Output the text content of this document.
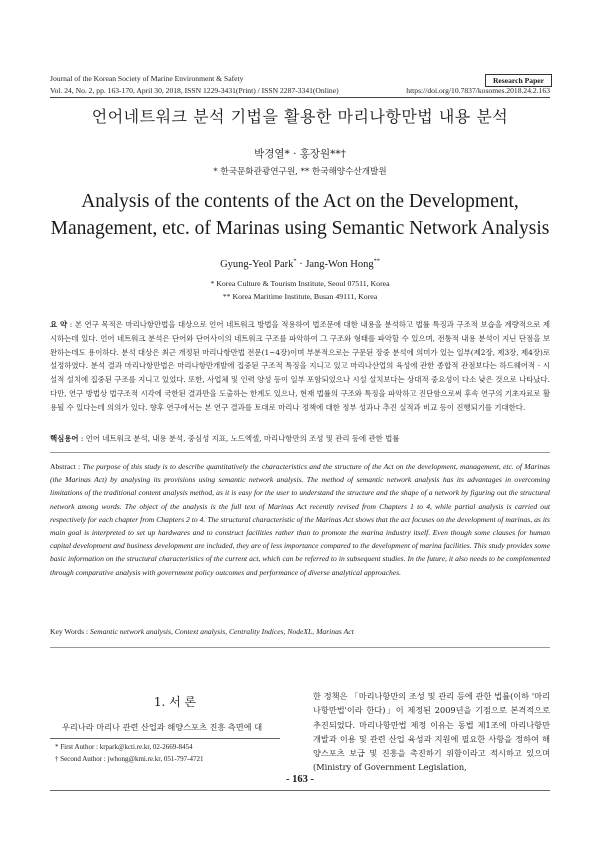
Journal of the Korean Society of Marine Environment & Safety	Research Paper
Vol. 24, No. 2, pp. 163-170, April 30, 2018, ISSN 1229-3431(Print) / ISSN 2287-3341(Online)	https://doi.org/10.7837/kosomes.2018.24.2.163
언어네트워크 분석 기법을 활용한 마리나항만법 내용 분석
박경열* · 홍장원**†
* 한국문화관광연구원, ** 한국해양수산개발원
Analysis of the contents of the Act on the Development, Management, etc. of Marinas using Semantic Network Analysis
Gyung-Yeol Park* · Jang-Won Hong**
* Korea Culture & Tourism Institute, Seoul 07511, Korea
** Korea Maritime Institute, Busan 49111, Korea
요 약 : 본 연구 목적은 마리나항만법을 대상으로 언어 네트워크 방법을 적용하여 법조문에 대한 내용을 분석하고 법률 특징과 구조적 보습을 계량적으로 제시하는데 있다. 언어 네트워크 분석은 단어와 단어사이의 네트워크 구조를 파악하여 그 구조와 형태를 파악할 수 있으며, 전통적 내용 분석이 지닌 단점을 보완하는데도 용이하다. 분석 대상은 최근 개정된 마리나항만법 전문(1~4장)이며 부분적으로는 구문된 장중 분석에 의미가 있는 일부(제2장, 제3장, 제4장)로 설정하였다. 분석 결과 마리나항만법은 마리나항만개발에 집중된 구조적 특징을 지니고 있고 마리나산업의 육성에 관한 종합적 관점보다는 하드웨어적 · 시설적 설치에 집중된 구조를 지니고 있었다. 또한, 사업체 및 인력 양성 등이 일부 포함되었으나 시설 설치보다는 상대적 중요성이 다소 낮은 것으로 나타났다. 다만, 연구 방법상 법구조적 시각에 국한된 결과만을 도출하는 한계도 있으나, 현재 법률의 구조와 특징을 파악하고 진단함으로써 후속 연구의 기초자료로 활용될 수 있다는데 의의가 있다. 향후 연구에서는 본 연구 결과를 토대로 마리나 정책에 대한 정부 성과나 추진 실적과 비교 등이 진행되기를 기대한다.
핵심용어 : 언어 네트워크 분석, 내용 분석, 중심성 지표, 노드엑셀, 마리나항만의 조성 및 관리 등에 관한 법률
Abstract : The purpose of this study is to describe quantitatively the characteristics and the structure of the Act on the development, management, etc. of Marinas (the Marinas Act) by analysing its provisions using semantic network analysis. The method of semantic network analysis has its advantages in overcoming limitations of the traditional content analysis method, as it is easy for the user to understand the structure and the shape of a network by figuring out the structural network among words. The object of the analysis is the full text of Marinas Act recently revised from Chapters 1 to 4, while partial analysis is carried out respectively for each chapter from Chapters 2 to 4. The structural characteristic of the Marinas Act shows that the act focuses on the development of marinas, as its main goal is interpreted to set up hardwares and to construct facilities rather than to promote the marina industry itself. Even though some clauses for human capital development and business development are included, they are of less importance compared to the development of marina facilities. This study provides some basic information on the structural characteristics of the current act, which can be referred to in subsequent studies. In the future, it also needs to be complemented through comparative analysis with government policy outcomes and performance of diverse analytical approaches.
Key Words : Semantic network analysis, Context analysis, Centrality Indices, NodeXL, Marinas Act
1. 서 론
우리나라 마리나 관련 산업과 해양스포츠 진흥 측면에 대
* First Author : krpark@kcti.re.kr, 02-2669-8454
† Second Author : jwhong@kmi.re.kr, 051-797-4721
한 정책은 「마리나항만의 조성 및 관리 등에 관한 법률(이하 '마리나항만법'이라 한다)」이 제정된 2009년을 기점으로 본격적으로 추진되었다. 마리나항만법 제정 이유는 동법 제1조에 마리나항만 개발과 이용 및 관련 산업 육성과 지원에 필요한 사항을 정하여 해양스포츠 보급 및 진흥을 촉진하기 위함이라고 적시하고 있으며(Ministry of Government Legislation,
- 163 -
